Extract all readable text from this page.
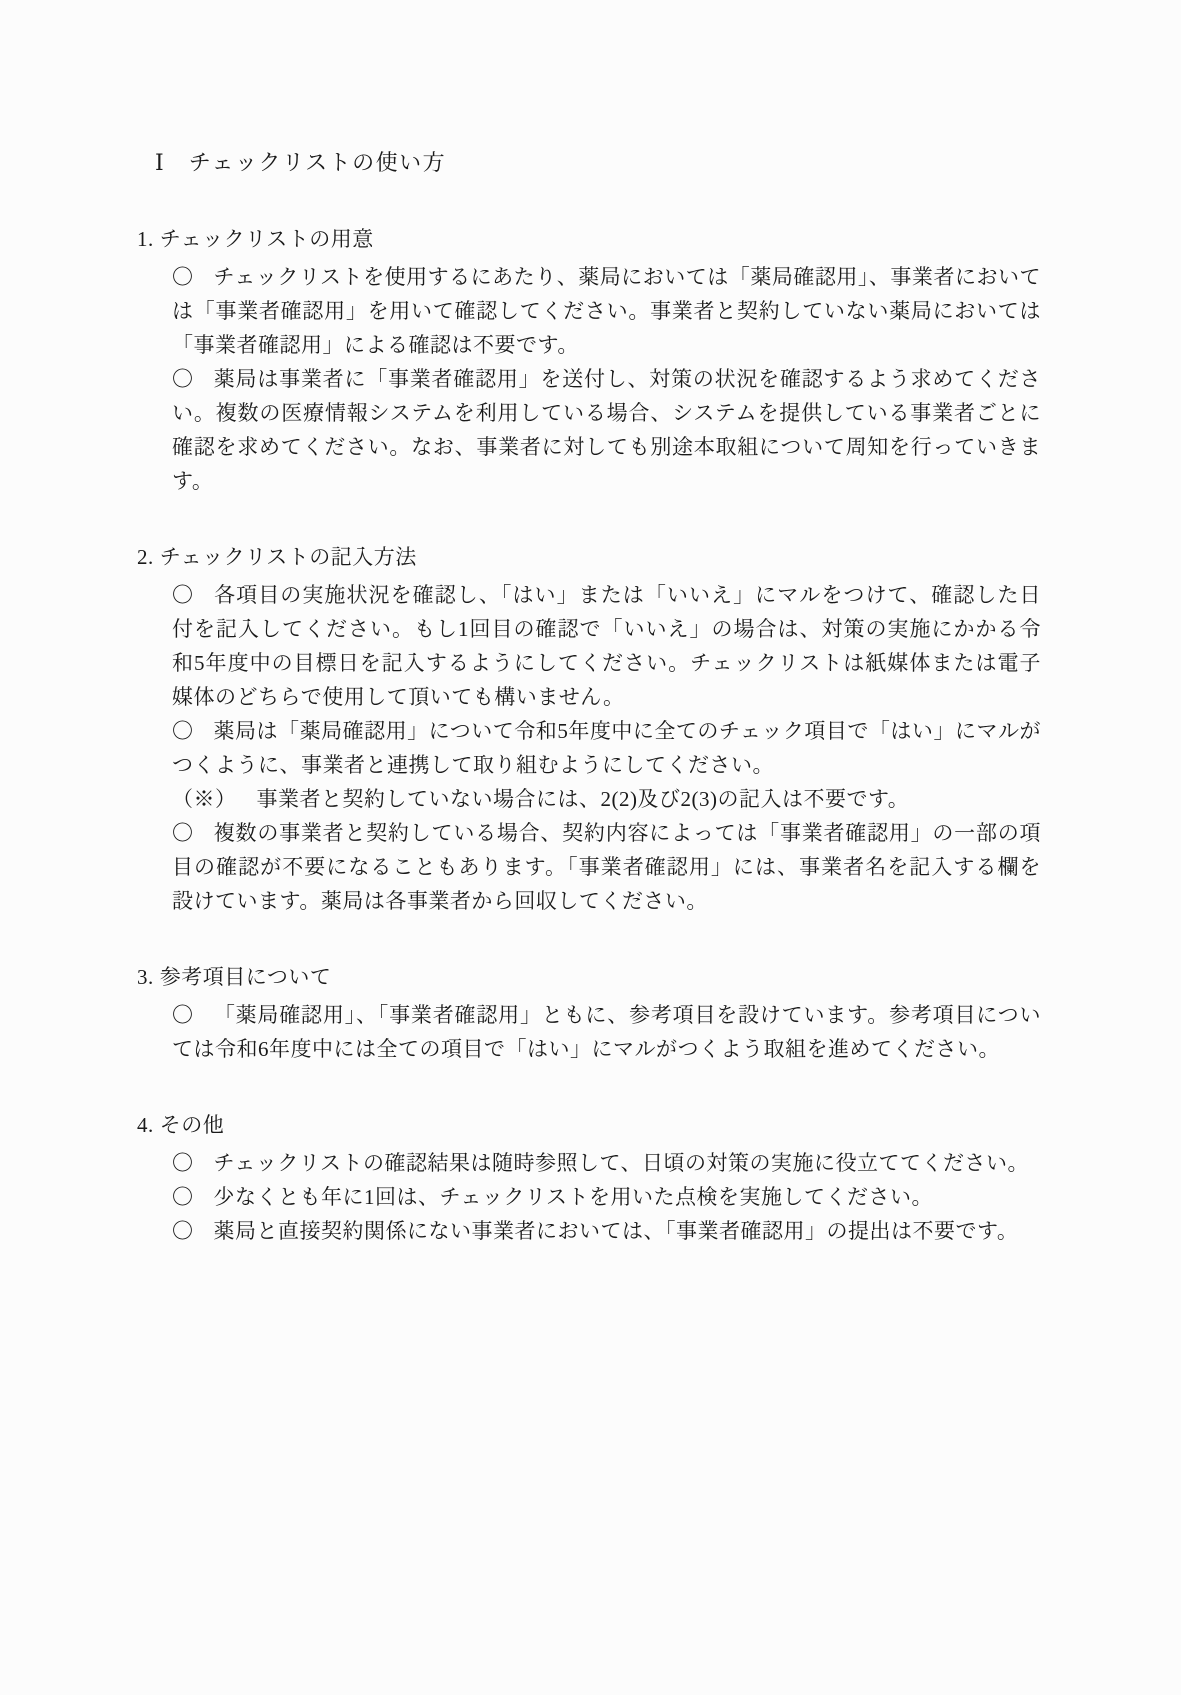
Ⅰ　チェックリストの使い方
1. チェックリストの用意

〇 チェックリストを使用するにあたり、薬局においては「薬局確認用」、事業者においては「事業者確認用」を用いて確認してください。事業者と契約していない薬局においては「事業者確認用」による確認は不要です。

〇 薬局は事業者に「事業者確認用」を送付し、対策の状況を確認するよう求めてください。複数の医療情報システムを利用している場合、システムを提供している事業者ごとに確認を求めてください。なお、事業者に対しても別途本取組について周知を行っていきます。

2. チェックリストの記入方法

〇 各項目の実施状況を確認し、「はい」または「いいえ」にマルをつけて、確認した日付を記入してください。もし1回目の確認で「いいえ」の場合は、対策の実施にかかる令和5年度中の目標日を記入するようにしてください。チェックリストは紙媒体または電子媒体のどちらで使用して頂いても構いません。

〇 薬局は「薬局確認用」について令和5年度中に全てのチェック項目で「はい」にマルがつくように、事業者と連携して取り組むようにしてください。

（※） 事業者と契約していない場合には、2(2)及び2(3)の記入は不要です。

〇 複数の事業者と契約している場合、契約内容によっては「事業者確認用」の一部の項目の確認が不要になることもあります。「事業者確認用」には、事業者名を記入する欄を設けています。薬局は各事業者から回収してください。

3. 参考項目について

〇 「薬局確認用」、「事業者確認用」ともに、参考項目を設けています。参考項目については令和6年度中には全ての項目で「はい」にマルがつくよう取組を進めてください。

4. その他

〇 チェックリストの確認結果は随時参照して、日頃の対策の実施に役立ててください。

〇 少なくとも年に1回は、チェックリストを用いた点検を実施してください。

〇 薬局と直接契約関係にない事業者においては、「事業者確認用」の提出は不要です。
